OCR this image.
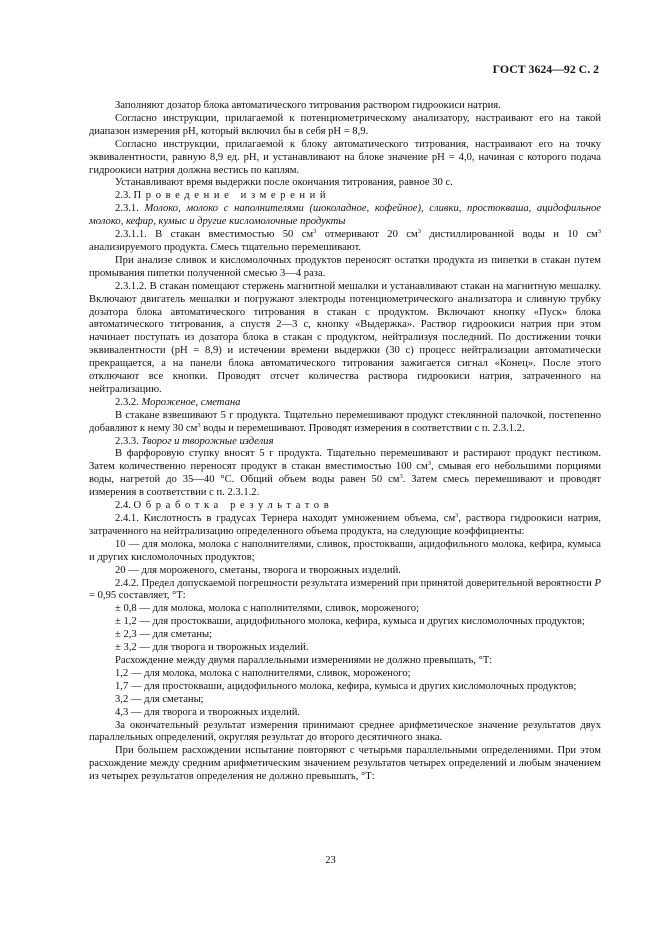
ГОСТ 3624—92 С. 2

Заполняют дозатор блока автоматического титрования раствором гидроокиси натрия.

Согласно инструкции, прилагаемой к потенциометрическому анализатору, настраивают его на такой диапазон измерения рН, который включил бы в себя рН = 8,9.

Согласно инструкции, прилагаемой к блоку автоматического титрования, настраивают его на точку эквивалентности, равную 8,9 ед. рН, и устанавливают на блоке значение рН = 4,0, начиная с которого подача гидроокиси натрия должна вестись по каплям.

Устанавливают время выдержки после окончания титрования, равное 30 с.

2.3. Проведение измерений

2.3.1. Молоко, молоко с наполнителями (шоколадное, кофейное), сливки, простокваша, ацидофильное молоко, кефир, кумыс и другие кисломолочные продукты

2.3.1.1. В стакан вместимостью 50 $см^3$ отмеривают 20 $см^3$ дистиллированной воды и 10 $см^3$ анализируемого продукта. Смесь тщательно перемешивают.

При анализе сливок и кисломолочных продуктов переносят остатки продукта из пипетки в стакан путем промывания пипетки полученной смесью 3—4 раза.

2.3.1.2. В стакан помещают стержень магнитной мешалки и устанавливают стакан на магнитную мешалку. Включают двигатель мешалки и погружают электроды потенциометрического анализатора и сливную трубку дозатора блока автоматического титрования в стакан с продуктом. Включают кнопку «Пуск» блока автоматического титрования, а спустя 2—3 с, кнопку «Выдержка». Раствор гидроокиси натрия при этом начинает поступать из дозатора блока в стакан с продуктом, нейтрализуя последний. По достижении точки эквивалентности (рН = 8,9) и истечении времени выдержки (30 с) процесс нейтрализации автоматически прекращается, а на панели блока автоматического титрования зажигается сигнал «Конец». После этого отключают все кнопки. Проводят отсчет количества раствора гидроокиси натрия, затраченного на нейтрализацию.

2.3.2. Мороженое, сметана

В стакане взвешивают 5 г продукта. Тщательно перемешивают продукт стеклянной палочкой, постепенно добавляют к нему 30 $см^3$ воды и перемешивают. Проводят измерения в соответствии с п. 2.3.1.2.

2.3.3. Творог и творожные изделия

В фарфоровую ступку вносят 5 г продукта. Тщательно перемешивают и растирают продукт пестиком. Затем количественно переносят продукт в стакан вместимостью 100 $см^3$, смывая его небольшими порциями воды, нагретой до 35—40 °С. Общий объем воды равен 50 $см^3$. Затем смесь перемешивают и проводят измерения в соответствии с п. 2.3.1.2.

2.4. Обработка результатов

2.4.1. Кислотность в градусах Тернера находят умножением объема, $см^3$, раствора гидроокиси натрия, затраченного на нейтрализацию определенного объема продукта, на следующие коэффициенты:

10 — для молока, молока с наполнителями, сливок, простокваши, ацидофильного молока, кефира, кумыса и других кисломолочных продуктов;

20 — для мороженого, сметаны, творога и творожных изделий.

2.4.2. Предел допускаемой погрешности результата измерений при принятой доверительной вероятности Р = 0,95 составляет, °Т:

± 0,8 — для молока, молока с наполнителями, сливок, мороженого;

± 1,2 — для простокваши, ацидофильного молока, кефира, кумыса и других кисломолочных продуктов;

± 2,3 — для сметаны;

± 3,2 — для творога и творожных изделий.

Расхождение между двумя параллельными измерениями не должно превышать, °Т:

1,2 — для молока, молока с наполнителями, сливок, мороженого;

1,7 — для простокваши, ацидофильного молока, кефира, кумыса и других кисломолочных продуктов;

3,2 — для сметаны;

4,3 — для творога и творожных изделий.

За окончательный результат измерения принимают среднее арифметическое значение результатов двух параллельных определений, округляя результат до второго десятичного знака.

При большем расхождении испытание повторяют с четырьмя параллельными определениями. При этом расхождение между средним арифметическим значением результатов четырех определений и любым значением из четырех результатов определения не должно превышать, °Т:

23
